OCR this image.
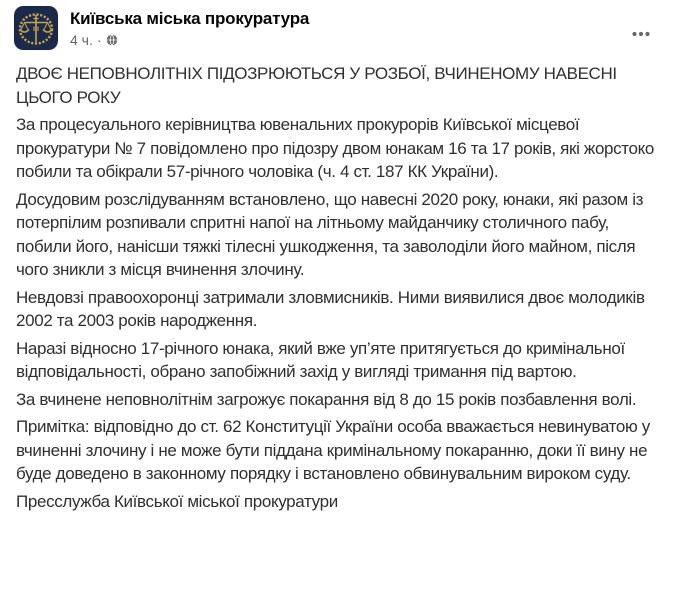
Київська міська прокуратура
4 ч. ·

ДВОЄ НЕПОВНОЛІТНІХ ПІДОЗРЮЮТЬСЯ У РОЗБОЇ, ВЧИНЕНОМУ НАВЕСНІ ЦЬОГО РОКУ

За процесуального керівництва ювенальних прокурорів Київської місцевої прокуратури № 7 повідомлено про підозру двом юнакам 16 та 17 років, які жорстоко побили та обікрали 57-річного чоловіка (ч. 4 ст. 187 КК України).

Досудовим розслідуванням встановлено, що навесні 2020 року, юнаки, які разом із потерпілим розпивали спритні напої на літньому майданчику столичного пабу, побили його, нанісши тяжкі тілесні ушкодження, та заволоділи його майном, після чого зникли з місця вчинення злочину.

Невдовзі правоохоронці затримали зловмисників. Ними виявилися двоє молодиків 2002 та 2003 років народження.

Наразі відносно 17-річного юнака, який вже уп’яте притягується до кримінальної відповідальності, обрано запобіжний захід у вигляді тримання під вартою.

За вчинене неповнолітнім загрожує покарання від 8 до 15 років позбавлення волі.

Примітка: відповідно до ст. 62 Конституції України особа вважається невинуватою у вчиненні злочину і не може бути піддана кримінальному покаранню, доки її вину не буде доведено в законному порядку і встановлено обвинувальним вироком суду.

Пресслужба Київської міської прокуратури
